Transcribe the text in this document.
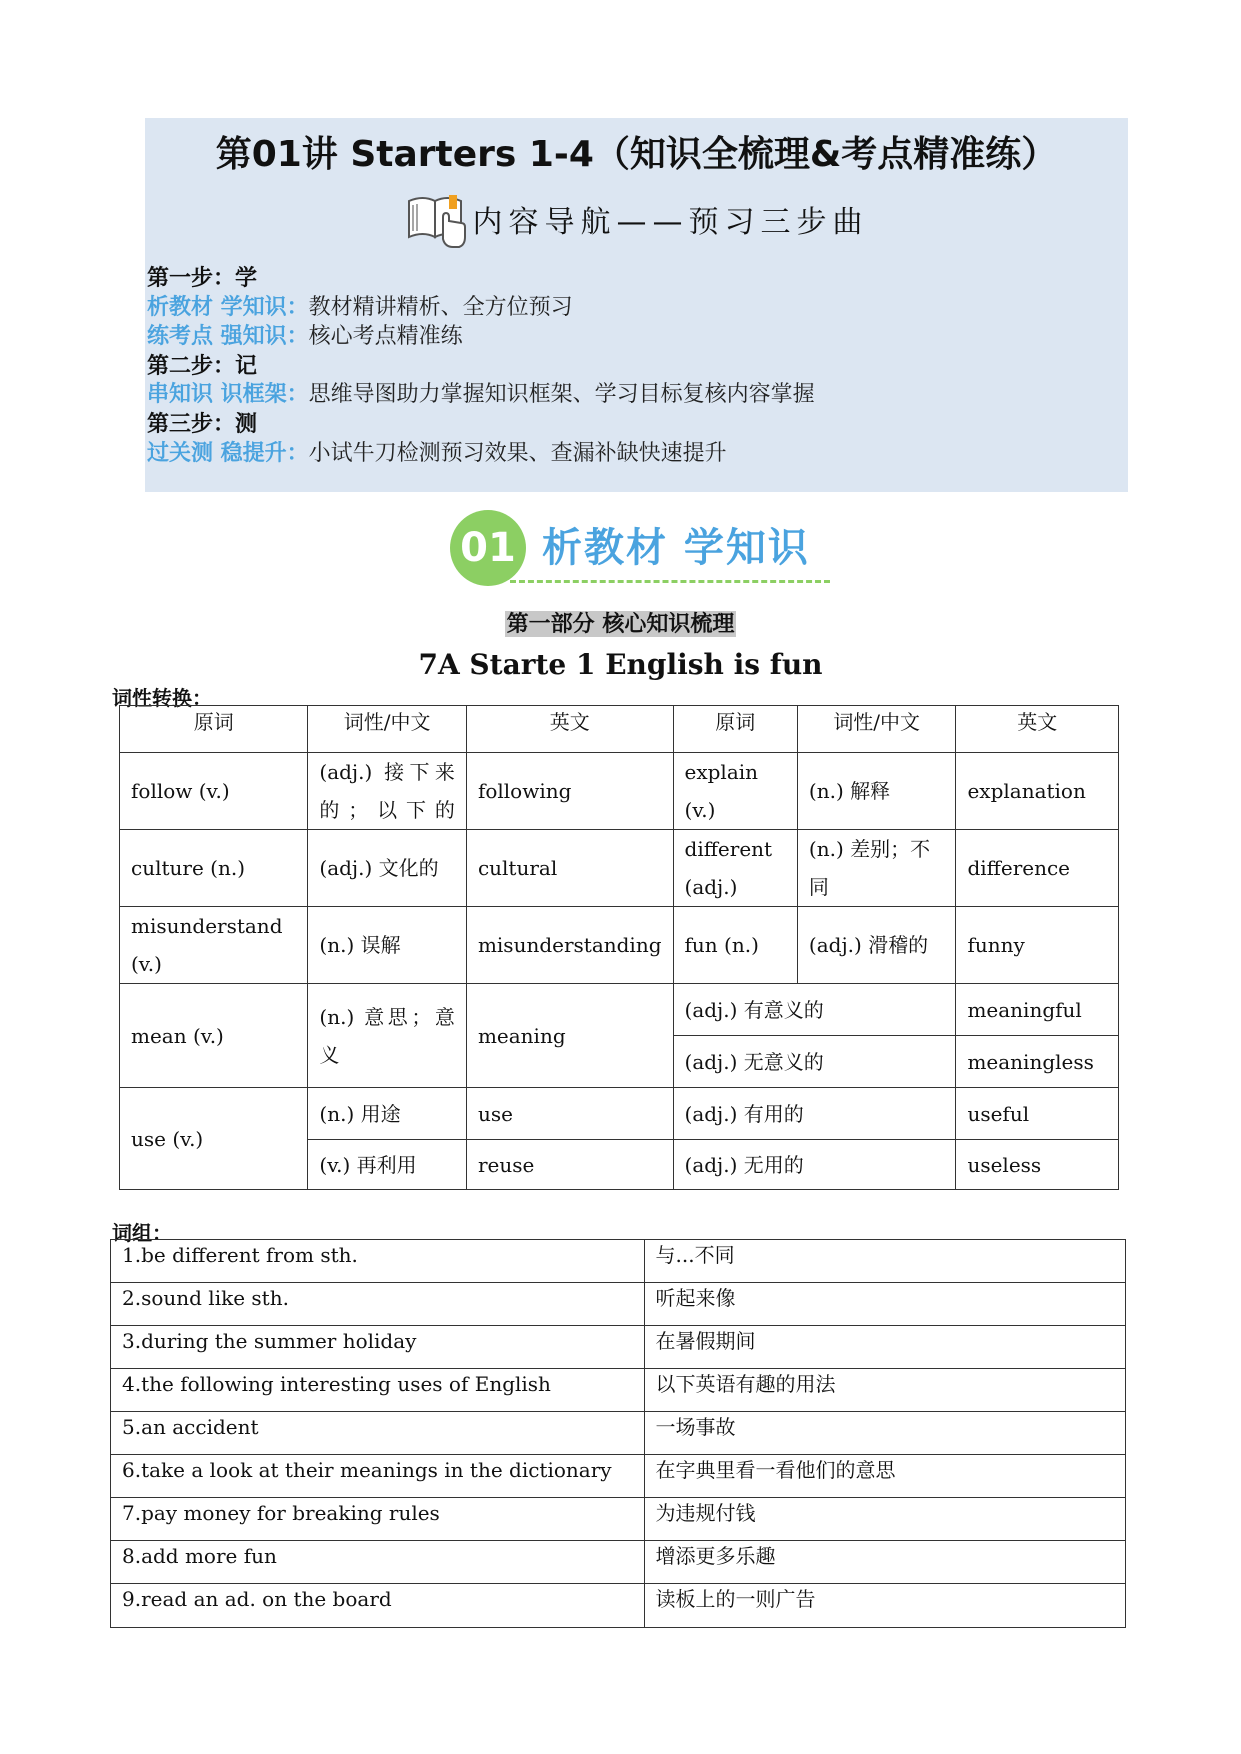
第01讲 Starters 1-4（知识全梳理&考点精准练）
内容导航——预习三步曲
第一步：学
析教材 学知识：教材精讲精析、全方位预习
练考点 强知识：核心考点精准练
第二步：记
串知识 识框架：思维导图助力掌握知识框架、学习目标复核内容掌握
第三步：测
过关测 稳提升：小试牛刀检测预习效果、查漏补缺快速提升
01 析教材 学知识
第一部分 核心知识梳理
7A Starte 1 English is fun
词性转换：
原词	词性/中文	英文	原词	词性/中文	英文
follow (v.)	(adj.) 接下来的；以下的	following	explain (v.)	(n.) 解释	explanation
culture (n.)	(adj.) 文化的	cultural	different (adj.)	(n.) 差别；不同	difference
misunderstand (v.)	(n.) 误解	misunderstanding	fun (n.)	(adj.) 滑稽的	funny
mean (v.)	(n.) 意思；意义	meaning	(adj.) 有意义的		meaningful
			(adj.) 无意义的		meaningless
use (v.)	(n.) 用途	use	(adj.) 有用的		useful
	(v.) 再利用	reuse	(adj.) 无用的		useless
词组：
1.be different from sth.	与...不同
2.sound like sth.	听起来像
3.during the summer holiday	在暑假期间
4.the following interesting uses of English	以下英语有趣的用法
5.an accident	一场事故
6.take a look at their meanings in the dictionary	在字典里看一看他们的意思
7.pay money for breaking rules	为违规付钱
8.add more fun	增添更多乐趣
9.read an ad. on the board	读板上的一则广告
